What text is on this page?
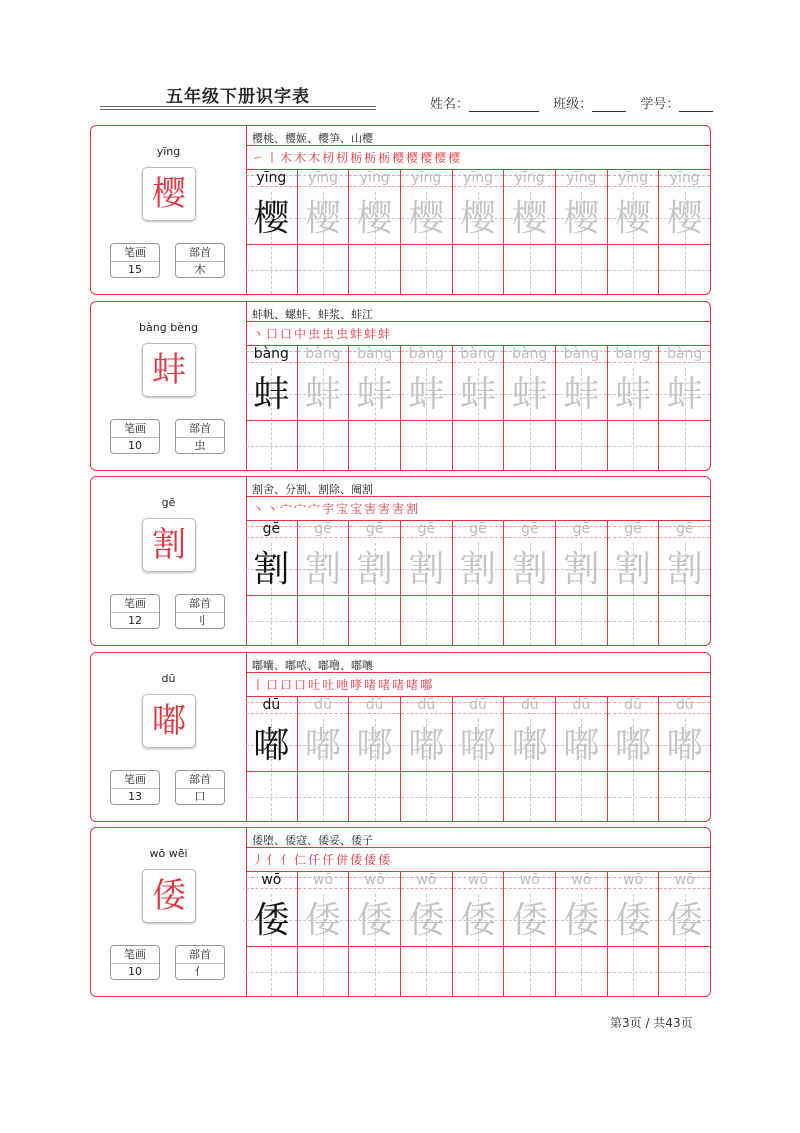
五年级下册识字表	姓名：	班级：	学号：
yīng
樱
笔画
15
部首
木
樱桃、樱姬、樱笋、山樱
㇀㇑木木木杒杒栃栃栃樱樱樱樱樱
yīng
樱
yīng
樱
yīng
樱
yīng
樱
yīng
樱
yīng
樱
yīng
樱
yīng
樱
yīng
樱
bàng bèng
蚌
笔画
10
部首
虫
蚌帆、螺蚌、蚌浆、蚌江
丶口口中虫虫虫蚌蚌蚌
bàng
蚌
bàng
蚌
bàng
蚌
bàng
蚌
bàng
蚌
bàng
蚌
bàng
蚌
bàng
蚌
bàng
蚌
gē
割
笔画
12
部首
刂
割舍、分割、割除、阉割
丶丶宀宀宀宇宝宝害害害割
gē
割
gē
割
gē
割
gē
割
gē
割
gē
割
gē
割
gē
割
gē
割
dū
嘟
笔画
13
部首
口
嘟囔、嘟哝、嘟噜、嘟嚷
丨口口口吐吐吔哮啫啫啫啫嘟
dū
嘟
dū
嘟
dū
嘟
dū
嘟
dū
嘟
dū
嘟
dū
嘟
dū
嘟
dū
嘟
wō wēi
倭
笔画
10
部首
亻
倭堕、倭寇、倭妥、倭子
丿亻亻仁仟仟併倭倭倭
wō
倭
wō
倭
wō
倭
wō
倭
wō
倭
wō
倭
wō
倭
wō
倭
wō
倭
第3页 / 共43页
